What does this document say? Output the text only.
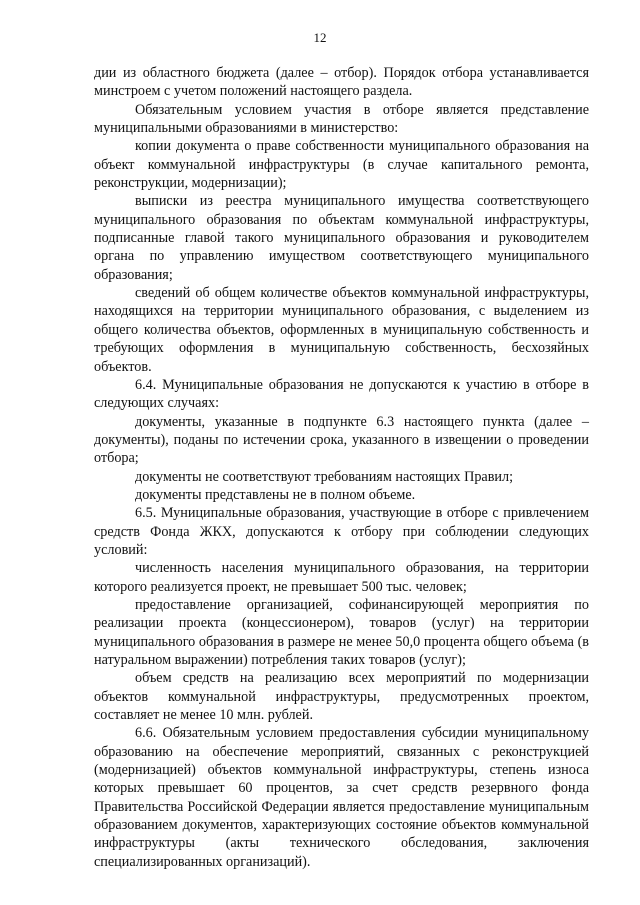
12

дии из областного бюджета (далее – отбор). Порядок отбора устанавливается минстроем с учетом положений настоящего раздела.

Обязательным условием участия в отборе является представление муниципальными образованиями в министерство:

копии документа о праве собственности муниципального образования на объект коммунальной инфраструктуры (в случае капитального ремонта, реконструкции, модернизации);

выписки из реестра муниципального имущества соответствующего муниципального образования по объектам коммунальной инфраструктуры, подписанные главой такого муниципального образования и руководителем органа по управлению имуществом соответствующего муниципального образования;

сведений об общем количестве объектов коммунальной инфраструктуры, находящихся на территории муниципального образования, с выделением из общего количества объектов, оформленных в муниципальную собственность и требующих оформления в муниципальную собственность, бесхозяйных объектов.

6.4. Муниципальные образования не допускаются к участию в отборе в следующих случаях:

документы, указанные в подпункте 6.3 настоящего пункта (далее – документы), поданы по истечении срока, указанного в извещении о проведении отбора;

документы не соответствуют требованиям настоящих Правил;

документы представлены не в полном объеме.

6.5. Муниципальные образования, участвующие в отборе с привлечением средств Фонда ЖКХ, допускаются к отбору при соблюдении следующих условий:

численность населения муниципального образования, на территории которого реализуется проект, не превышает 500 тыс. человек;

предоставление организацией, софинансирующей мероприятия по реализации проекта (концессионером), товаров (услуг) на территории муниципального образования в размере не менее 50,0 процента общего объема (в натуральном выражении) потребления таких товаров (услуг);

объем средств на реализацию всех мероприятий по модернизации объектов коммунальной инфраструктуры, предусмотренных проектом, составляет не менее 10 млн. рублей.

6.6. Обязательным условием предоставления субсидии муниципальному образованию на обеспечение мероприятий, связанных с реконструкцией (модернизацией) объектов коммунальной инфраструктуры, степень износа которых превышает 60 процентов, за счет средств резервного фонда Правительства Российской Федерации является предоставление муниципальным образованием документов, характеризующих состояние объектов коммунальной инфраструктуры (акты технического обследования, заключения специализированных организаций).
